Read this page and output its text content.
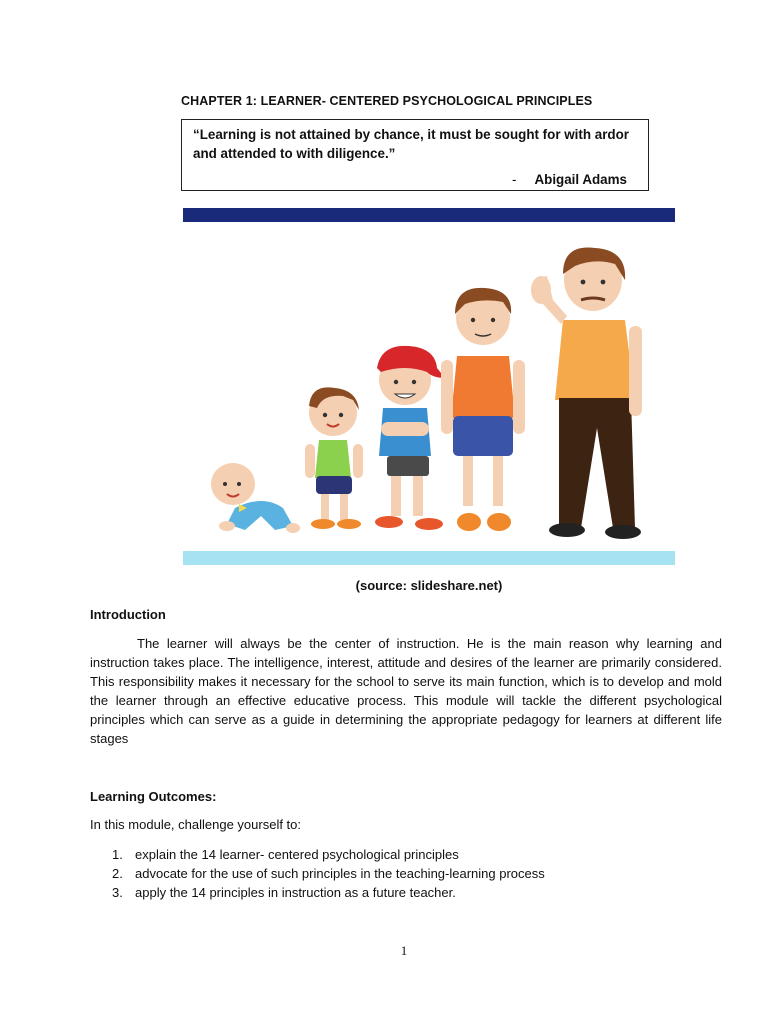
CHAPTER 1: LEARNER- CENTERED PSYCHOLOGICAL PRINCIPLES
“Learning is not attained by chance, it must be sought for with ardor and attended to with diligence.”
- Abigail Adams
(source: slideshare.net)
Introduction
The learner will always be the center of instruction. He is the main reason why learning and instruction takes place. The intelligence, interest, attitude and desires of the learner are primarily considered. This responsibility makes it necessary for the school to serve its main function, which is to develop and mold the learner through an effective educative process. This module will tackle the different psychological principles which can serve as a guide in determining the appropriate pedagogy for learners at different life stages
Learning Outcomes:
In this module, challenge yourself to:
1. explain the 14 learner- centered psychological principles
2. advocate for the use of such principles in the teaching-learning process
3. apply the 14 principles in instruction as a future teacher.
1
